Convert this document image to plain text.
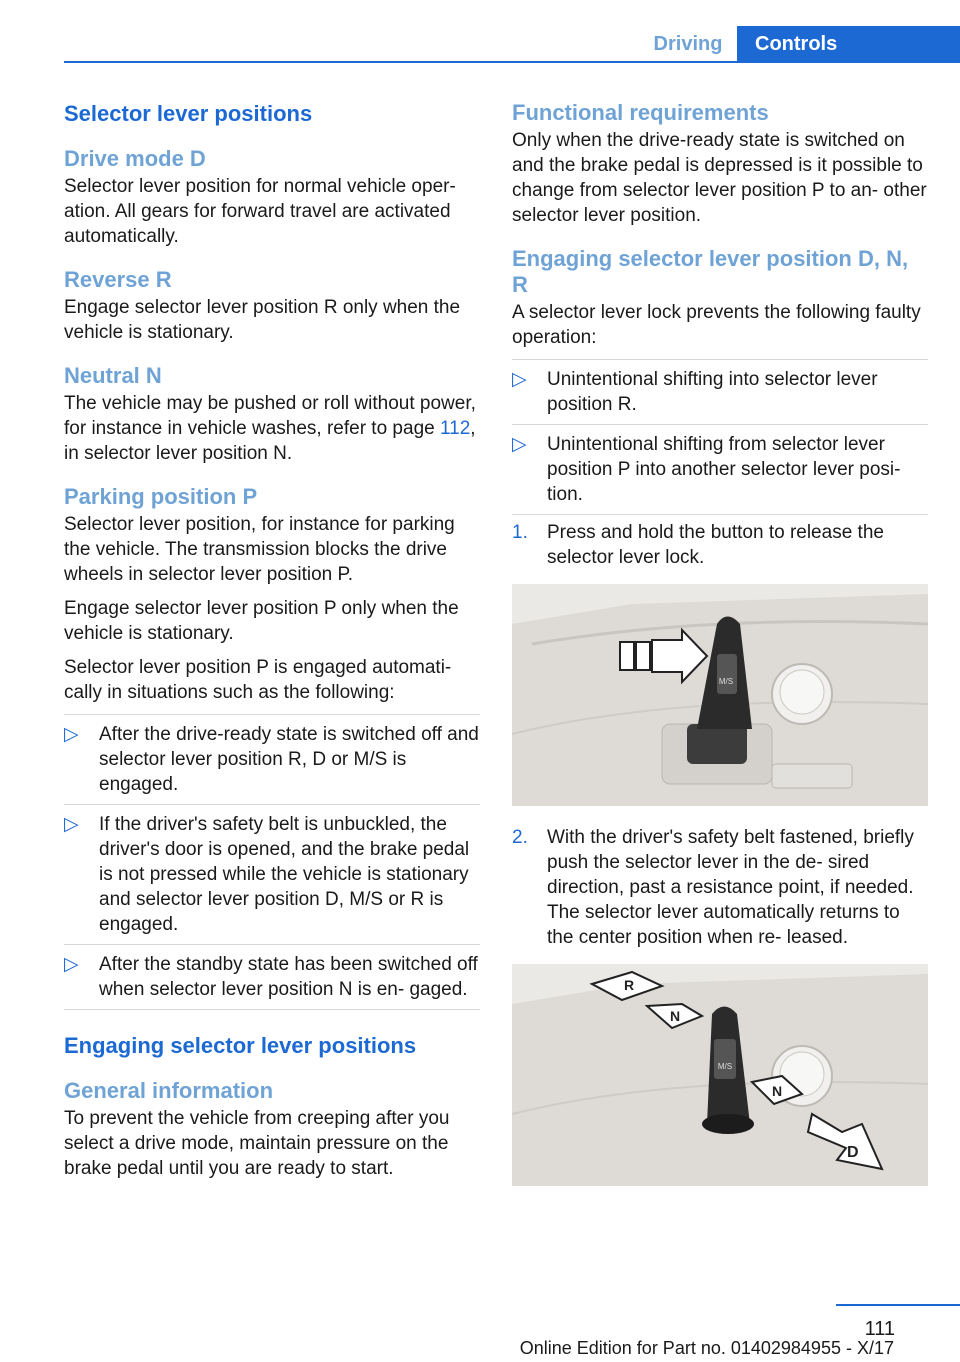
Driving	Controls
Selector lever positions
Drive mode D
Selector lever position for normal vehicle oper‐ ation. All gears for forward travel are activated automatically.
Reverse R
Engage selector lever position R only when the vehicle is stationary.
Neutral N
The vehicle may be pushed or roll without power, for instance in vehicle washes, refer to page 112, in selector lever position N.
Parking position P
Selector lever position, for instance for parking the vehicle. The transmission blocks the drive wheels in selector lever position P.
Engage selector lever position P only when the vehicle is stationary.
Selector lever position P is engaged automati‐ cally in situations such as the following:
▷	After the drive-ready state is switched off and selector lever position R, D or M/S is engaged.
▷	If the driver's safety belt is unbuckled, the driver's door is opened, and the brake pedal is not pressed while the vehicle is stationary and selector lever position D, M/S or R is engaged.
▷	After the standby state has been switched off when selector lever position N is en‐ gaged.
Engaging selector lever positions
General information
To prevent the vehicle from creeping after you select a drive mode, maintain pressure on the brake pedal until you are ready to start.
Functional requirements
Only when the drive-ready state is switched on and the brake pedal is depressed is it possible to change from selector lever position P to an‐ other selector lever position.
Engaging selector lever position D, N, R
A selector lever lock prevents the following faulty operation:
▷	Unintentional shifting into selector lever position R.
▷	Unintentional shifting from selector lever position P into another selector lever posi‐ tion.
1.	Press and hold the button to release the selector lever lock.
M/S
2.	With the driver's safety belt fastened, briefly push the selector lever in the de‐ sired direction, past a resistance point, if needed. The selector lever automatically returns to the center position when re‐ leased.
M/S
R
N
N
D
111
Online Edition for Part no. 01402984955 - X/17
